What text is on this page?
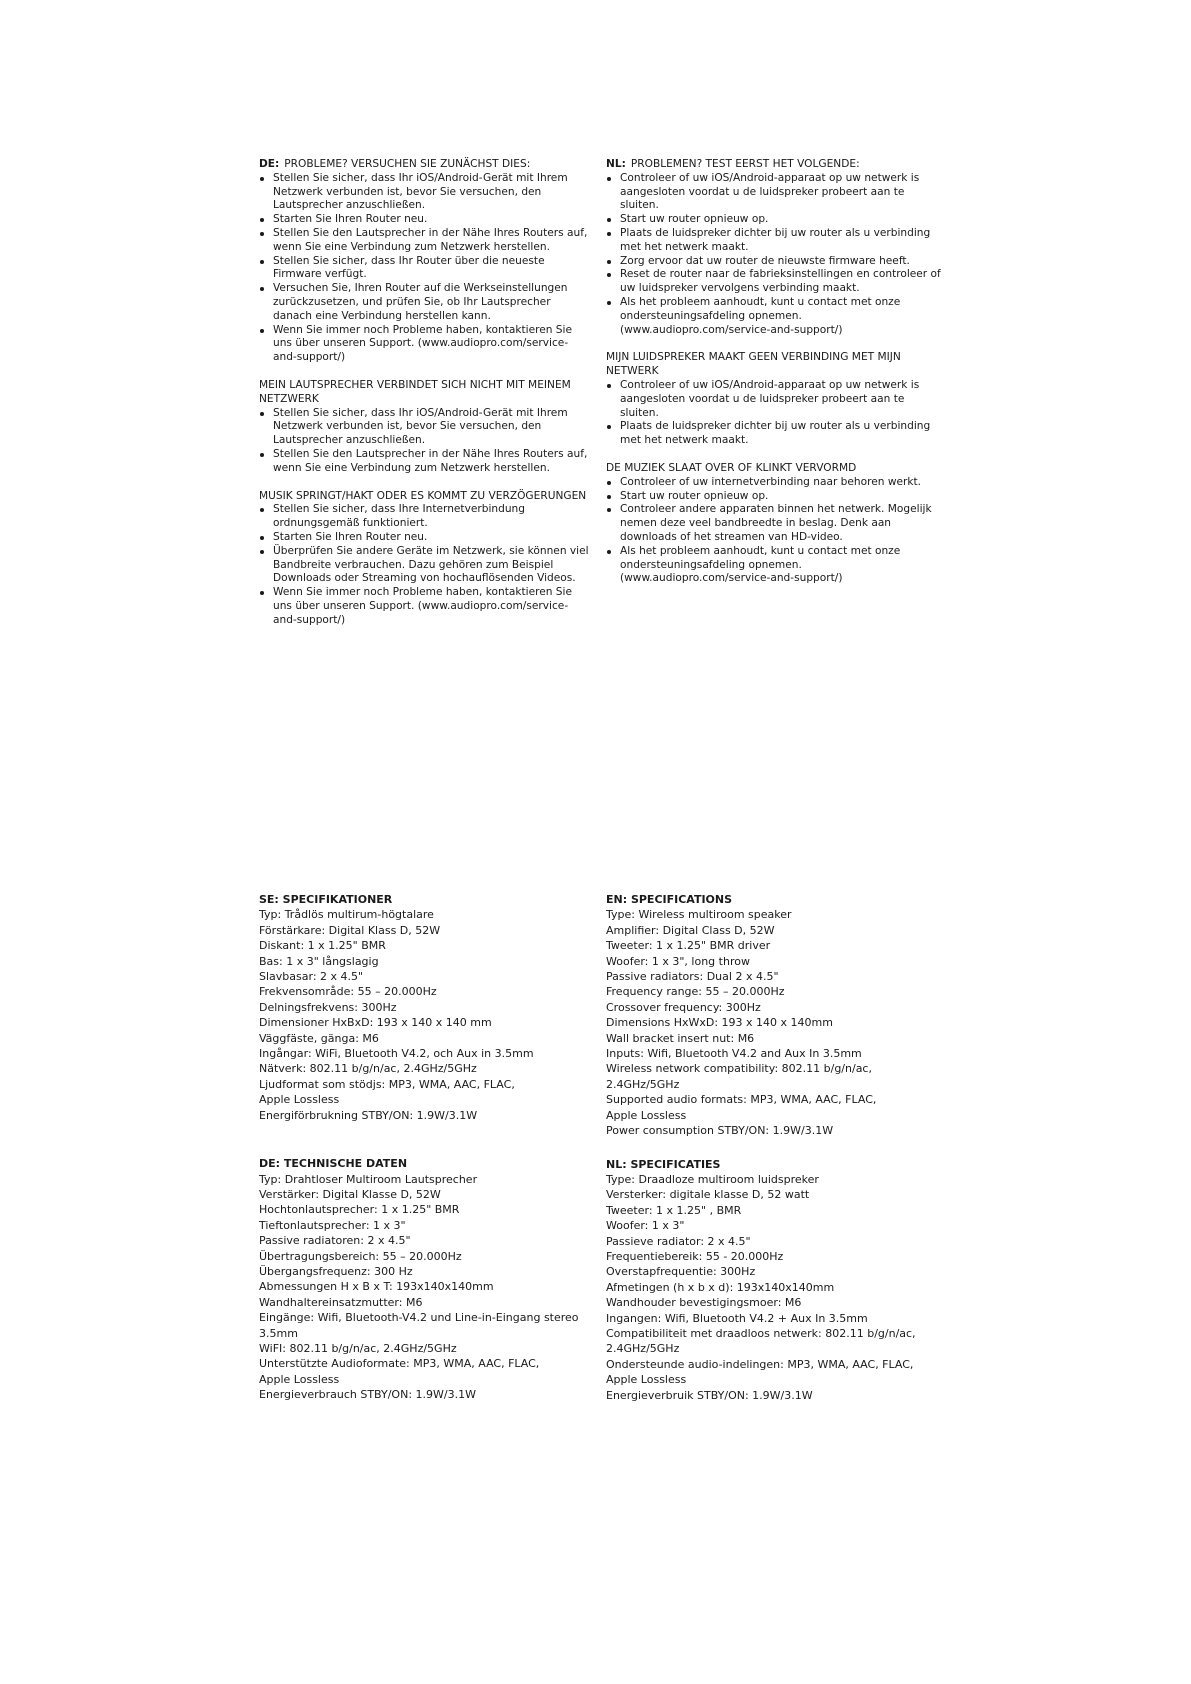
DE: PROBLEME? VERSUCHEN SIE ZUNÄCHST DIES:
Stellen Sie sicher, dass Ihr iOS/Android-Gerät mit Ihrem Netzwerk verbunden ist, bevor Sie versuchen, den Lautsprecher anzuschließen.
Starten Sie Ihren Router neu.
Stellen Sie den Lautsprecher in der Nähe Ihres Routers auf, wenn Sie eine Verbindung zum Netzwerk herstellen.
Stellen Sie sicher, dass Ihr Router über die neueste Firmware verfügt.
Versuchen Sie, Ihren Router auf die Werkseinstellungen zurückzusetzen, und prüfen Sie, ob Ihr Lautsprecher danach eine Verbindung herstellen kann.
Wenn Sie immer noch Probleme haben, kontaktieren Sie uns über unseren Support. (www.audiopro.com/service-and-support/)
MEIN LAUTSPRECHER VERBINDET SICH NICHT MIT MEINEM NETZWERK
Stellen Sie sicher, dass Ihr iOS/Android-Gerät mit Ihrem Netzwerk verbunden ist, bevor Sie versuchen, den Lautsprecher anzuschließen.
Stellen Sie den Lautsprecher in der Nähe Ihres Routers auf, wenn Sie eine Verbindung zum Netzwerk herstellen.
MUSIK SPRINGT/HAKT ODER ES KOMMT ZU VERZÖGERUNGEN
Stellen Sie sicher, dass Ihre Internetverbindung ordnungsgemäß funktioniert.
Starten Sie Ihren Router neu.
Überprüfen Sie andere Geräte im Netzwerk, sie können viel Bandbreite verbrauchen. Dazu gehören zum Beispiel Downloads oder Streaming von hochauflösenden Videos.
Wenn Sie immer noch Probleme haben, kontaktieren Sie uns über unseren Support. (www.audiopro.com/service-and-support/)
NL: PROBLEMEN? TEST EERST HET VOLGENDE:
Controleer of uw iOS/Android-apparaat op uw netwerk is aangesloten voordat u de luidspreker probeert aan te sluiten.
Start uw router opnieuw op.
Plaats de luidspreker dichter bij uw router als u verbinding met het netwerk maakt.
Zorg ervoor dat uw router de nieuwste firmware heeft.
Reset de router naar de fabrieksinstellingen en controleer of uw luidspreker vervolgens verbinding maakt.
Als het probleem aanhoudt, kunt u contact met onze ondersteuningsafdeling opnemen. (www.audiopro.com/service-and-support/)
MIJN LUIDSPREKER MAAKT GEEN VERBINDING MET MIJN NETWERK
Controleer of uw iOS/Android-apparaat op uw netwerk is aangesloten voordat u de luidspreker probeert aan te sluiten.
Plaats de luidspreker dichter bij uw router als u verbinding met het netwerk maakt.
DE MUZIEK SLAAT OVER OF KLINKT VERVORMD
Controleer of uw internetverbinding naar behoren werkt.
Start uw router opnieuw op.
Controleer andere apparaten binnen het netwerk. Mogelijk nemen deze veel bandbreedte in beslag. Denk aan downloads of het streamen van HD-video.
Als het probleem aanhoudt, kunt u contact met onze ondersteuningsafdeling opnemen. (www.audiopro.com/service-and-support/)
SE: SPECIFIKATIONER
Typ: Trådlös multirum-högtalare
Förstärkare: Digital Klass D, 52W
Diskant: 1 x 1.25" BMR
Bas: 1 x 3" långslagig
Slavbasar: 2 x 4.5"
Frekvensområde: 55 – 20.000Hz
Delningsfrekvens: 300Hz
Dimensioner HxBxD: 193 x 140 x 140 mm
Väggfäste, gänga: M6
Ingångar: WiFi, Bluetooth V4.2, och Aux in 3.5mm
Nätverk: 802.11 b/g/n/ac, 2.4GHz/5GHz
Ljudformat som stödjs: MP3, WMA, AAC, FLAC,
Apple Lossless
Energiförbrukning STBY/ON: 1.9W/3.1W
DE: TECHNISCHE DATEN
Typ: Drahtloser Multiroom Lautsprecher
Verstärker: Digital Klasse D, 52W
Hochtonlautsprecher: 1 x 1.25" BMR
Tieftonlautsprecher: 1 x 3"
Passive radiatoren: 2 x 4.5"
Übertragungsbereich: 55 – 20.000Hz
Übergangsfrequenz: 300 Hz
Abmessungen H x B x T: 193x140x140mm
Wandhaltereinsatzmutter: M6
Eingänge: Wifi, Bluetooth-V4.2 und Line-in-Eingang stereo
3.5mm
WiFI: 802.11 b/g/n/ac, 2.4GHz/5GHz
Unterstützte Audioformate: MP3, WMA, AAC, FLAC,
Apple Lossless
Energieverbrauch STBY/ON: 1.9W/3.1W
EN: SPECIFICATIONS
Type: Wireless multiroom speaker
Amplifier: Digital Class D, 52W
Tweeter: 1 x 1.25" BMR driver
Woofer: 1 x 3", long throw
Passive radiators: Dual 2 x 4.5"
Frequency range: 55 – 20.000Hz
Crossover frequency: 300Hz
Dimensions HxWxD: 193 x 140 x 140mm
Wall bracket insert nut: M6
Inputs: Wifi, Bluetooth V4.2 and Aux In 3.5mm
Wireless network compatibility: 802.11 b/g/n/ac,
2.4GHz/5GHz
Supported audio formats: MP3, WMA, AAC, FLAC,
Apple Lossless
Power consumption STBY/ON: 1.9W/3.1W
NL: SPECIFICATIES
Type: Draadloze multiroom luidspreker
Versterker: digitale klasse D, 52 watt
Tweeter: 1 x 1.25" , BMR
Woofer: 1 x 3"
Passieve radiator: 2 x 4.5"
Frequentiebereik: 55 - 20.000Hz
Overstapfrequentie: 300Hz
Afmetingen (h x b x d): 193x140x140mm
Wandhouder bevestigingsmoer: M6
Ingangen: Wifi, Bluetooth V4.2 + Aux In 3.5mm
Compatibiliteit met draadloos netwerk: 802.11 b/g/n/ac,
2.4GHz/5GHz
Ondersteunde audio-indelingen: MP3, WMA, AAC, FLAC,
Apple Lossless
Energieverbruik STBY/ON: 1.9W/3.1W
